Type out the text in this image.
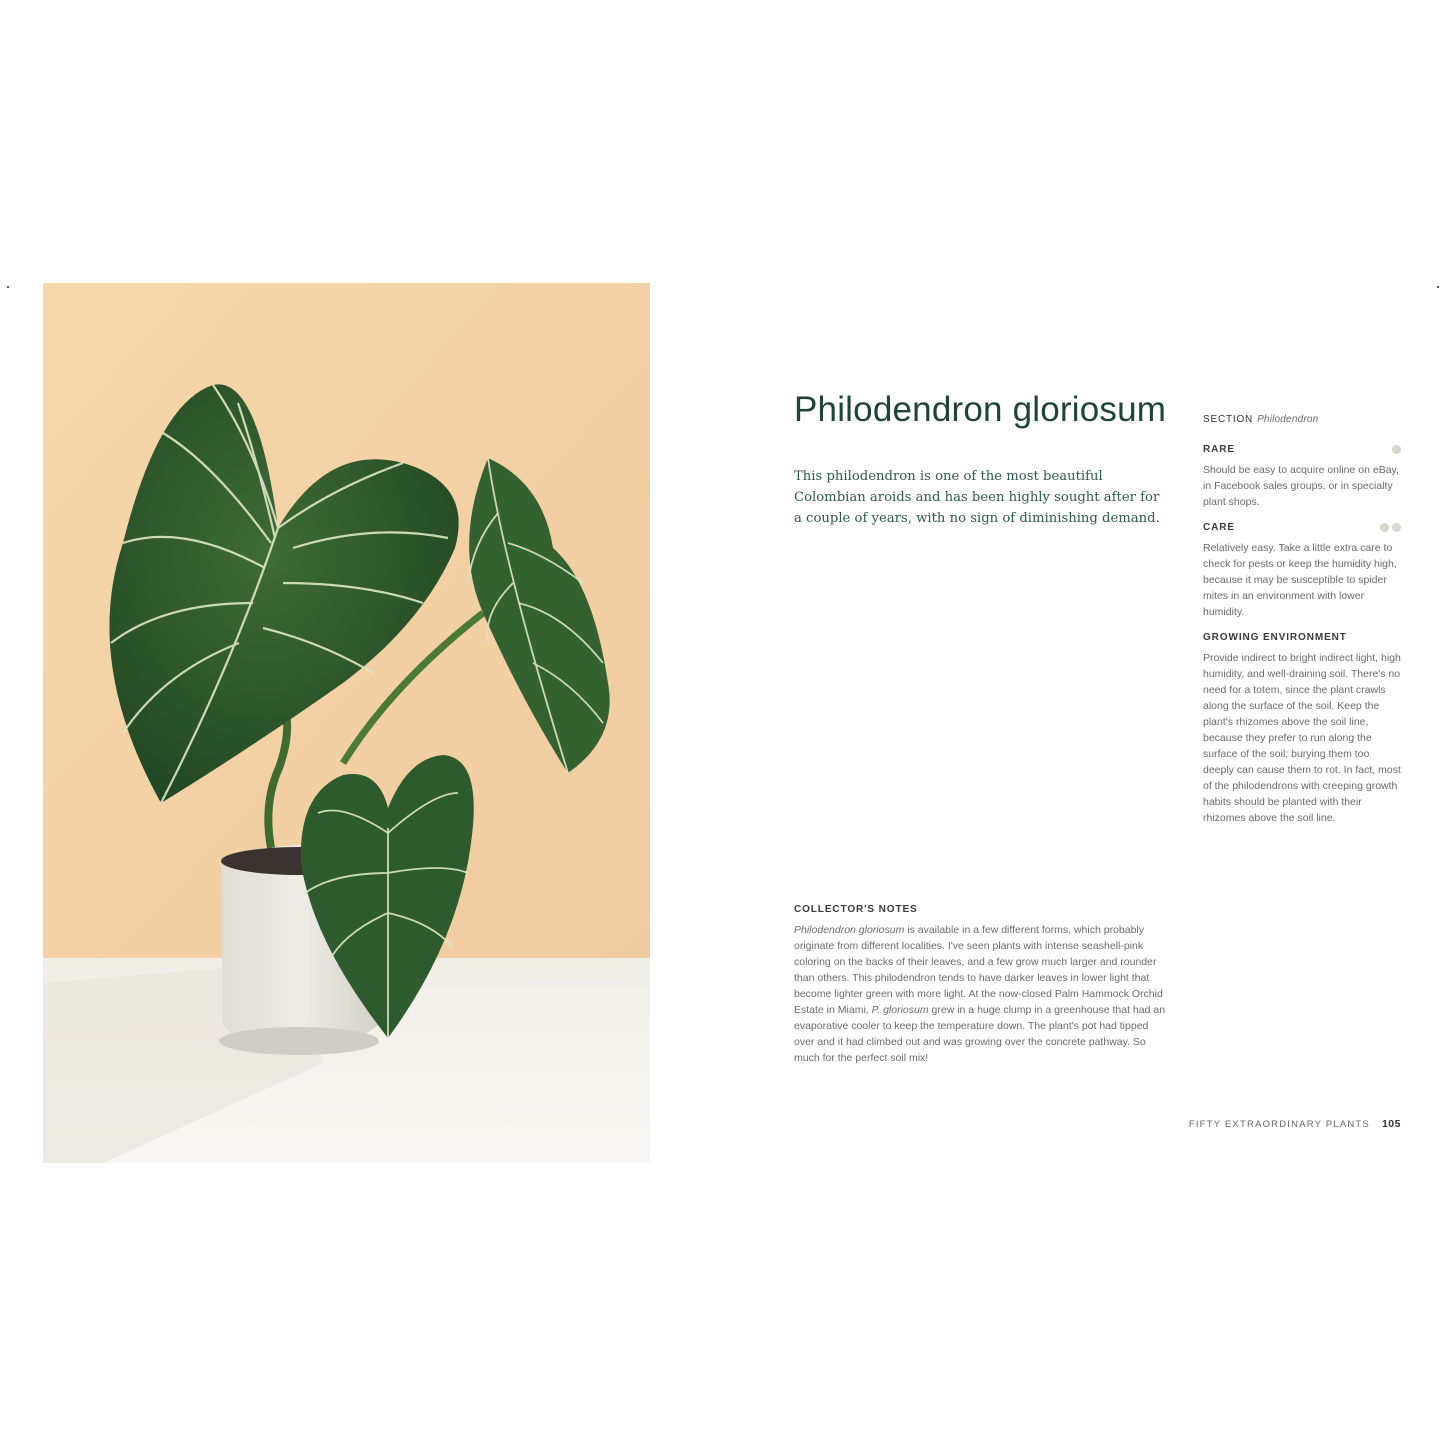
Philodendron gloriosum
This philodendron is one of the most beautiful Colombian aroids and has been highly sought after for a couple of years, with no sign of diminishing demand.
SECTION Philodendron
RARE
Should be easy to acquire online on eBay, in Facebook sales groups, or in specialty plant shops.
CARE
Relatively easy. Take a little extra care to check for pests or keep the humidity high, because it may be susceptible to spider mites in an environment with lower humidity.
GROWING ENVIRONMENT
Provide indirect to bright indirect light, high humidity, and well-draining soil. There's no need for a totem, since the plant crawls along the surface of the soil. Keep the plant's rhizomes above the soil line, because they prefer to run along the surface of the soil; burying them too deeply can cause them to rot. In fact, most of the philodendrons with creeping growth habits should be planted with their rhizomes above the soil line.
COLLECTOR'S NOTES
Philodendron gloriosum is available in a few different forms, which probably originate from different localities. I've seen plants with intense seashell-pink coloring on the backs of their leaves, and a few grow much larger and rounder than others. This philodendron tends to have darker leaves in lower light that become lighter green with more light. At the now-closed Palm Hammock Orchid Estate in Miami, P. gloriosum grew in a huge clump in a greenhouse that had an evaporative cooler to keep the temperature down. The plant's pot had tipped over and it had climbed out and was growing over the concrete pathway. So much for the perfect soil mix!
FIFTY EXTRAORDINARY PLANTS 105
